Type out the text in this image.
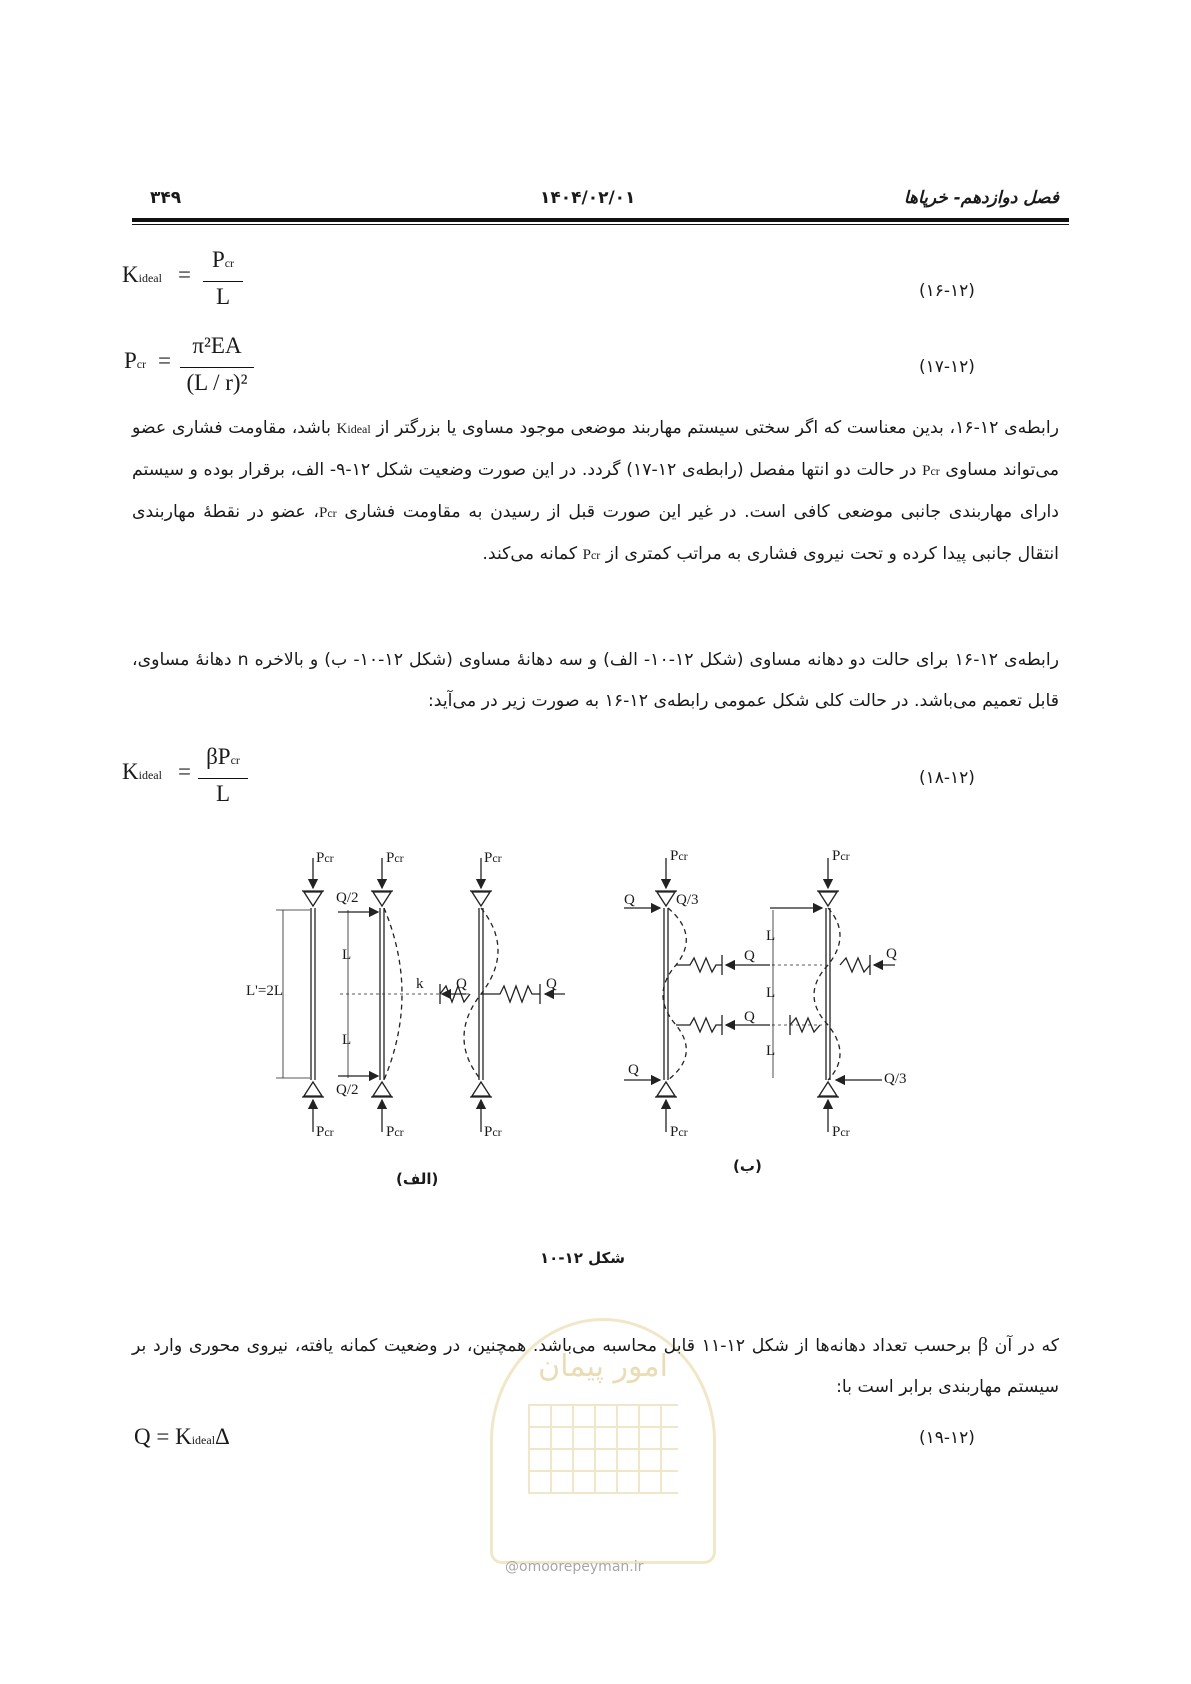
۳۴۹	۱۴۰۴/۰۲/۰۱	فصل دوازدهم- خرپاها
Kideal =
Pcr
L	(۱۶-۱۲)
Pcr =
π²EA
(L / r)²
(۱۷-۱۲)

رابطه‌ی ۱۲-۱۶، بدین معناست که اگر سختی سیستم مهاربند موضعی موجود مساوی یا بزرگتر از Kideal باشد، مقاومت فشاری عضو می‌تواند مساوی Pcr در حالت دو انتها مفصل (رابطه‌ی ۱۲-۱۷) گردد. در این صورت وضعیت شکل ۱۲-۹- الف، برقرار بوده و سیستم دارای مهاربندی جانبی موضعی کافی است. در غیر این صورت قبل از رسیدن به مقاومت فشاری Pcr، عضو در نقطهٔ مهاربندی انتقال جانبی پیدا کرده و تحت نیروی فشاری به مراتب کمتری از Pcr کمانه می‌کند.

رابطه‌ی ۱۲-۱۶ برای حالت دو دهانه مساوی (شکل ۱۲-۱۰- الف) و سه دهانهٔ مساوی (شکل ۱۲-۱۰- ب) و بالاخره n دهانهٔ مساوی، قابل تعمیم می‌باشد. در حالت کلی شکل عمومی رابطه‌ی ۱۲-۱۶ به صورت زیر در می‌آید:

Kideal =
βPcr
L
(۱۸-۱۲)
Pcr	Pcr	Pcr
Pcr	Pcr	Pcr
Q/2
Q/2
L'=2L
L
L
k Q	Q
Pcr	Pcr
Pcr	Pcr
Q	Q/3
Q
Q/3
Q
Q
Q
L
L
L
(الف)
(ب)
شکل ۱۲-۱۰
امور پیمان
@omoorepeyman.ir

که در آن β برحسب تعداد دهانه‌ها از شکل ۱۲-۱۱ قابل محاسبه می‌باشد. همچنین، در وضعیت کمانه یافته، نیروی محوری وارد بر سیستم مهاربندی برابر است با:

Q = KidealΔ	(۱۹-۱۲)
